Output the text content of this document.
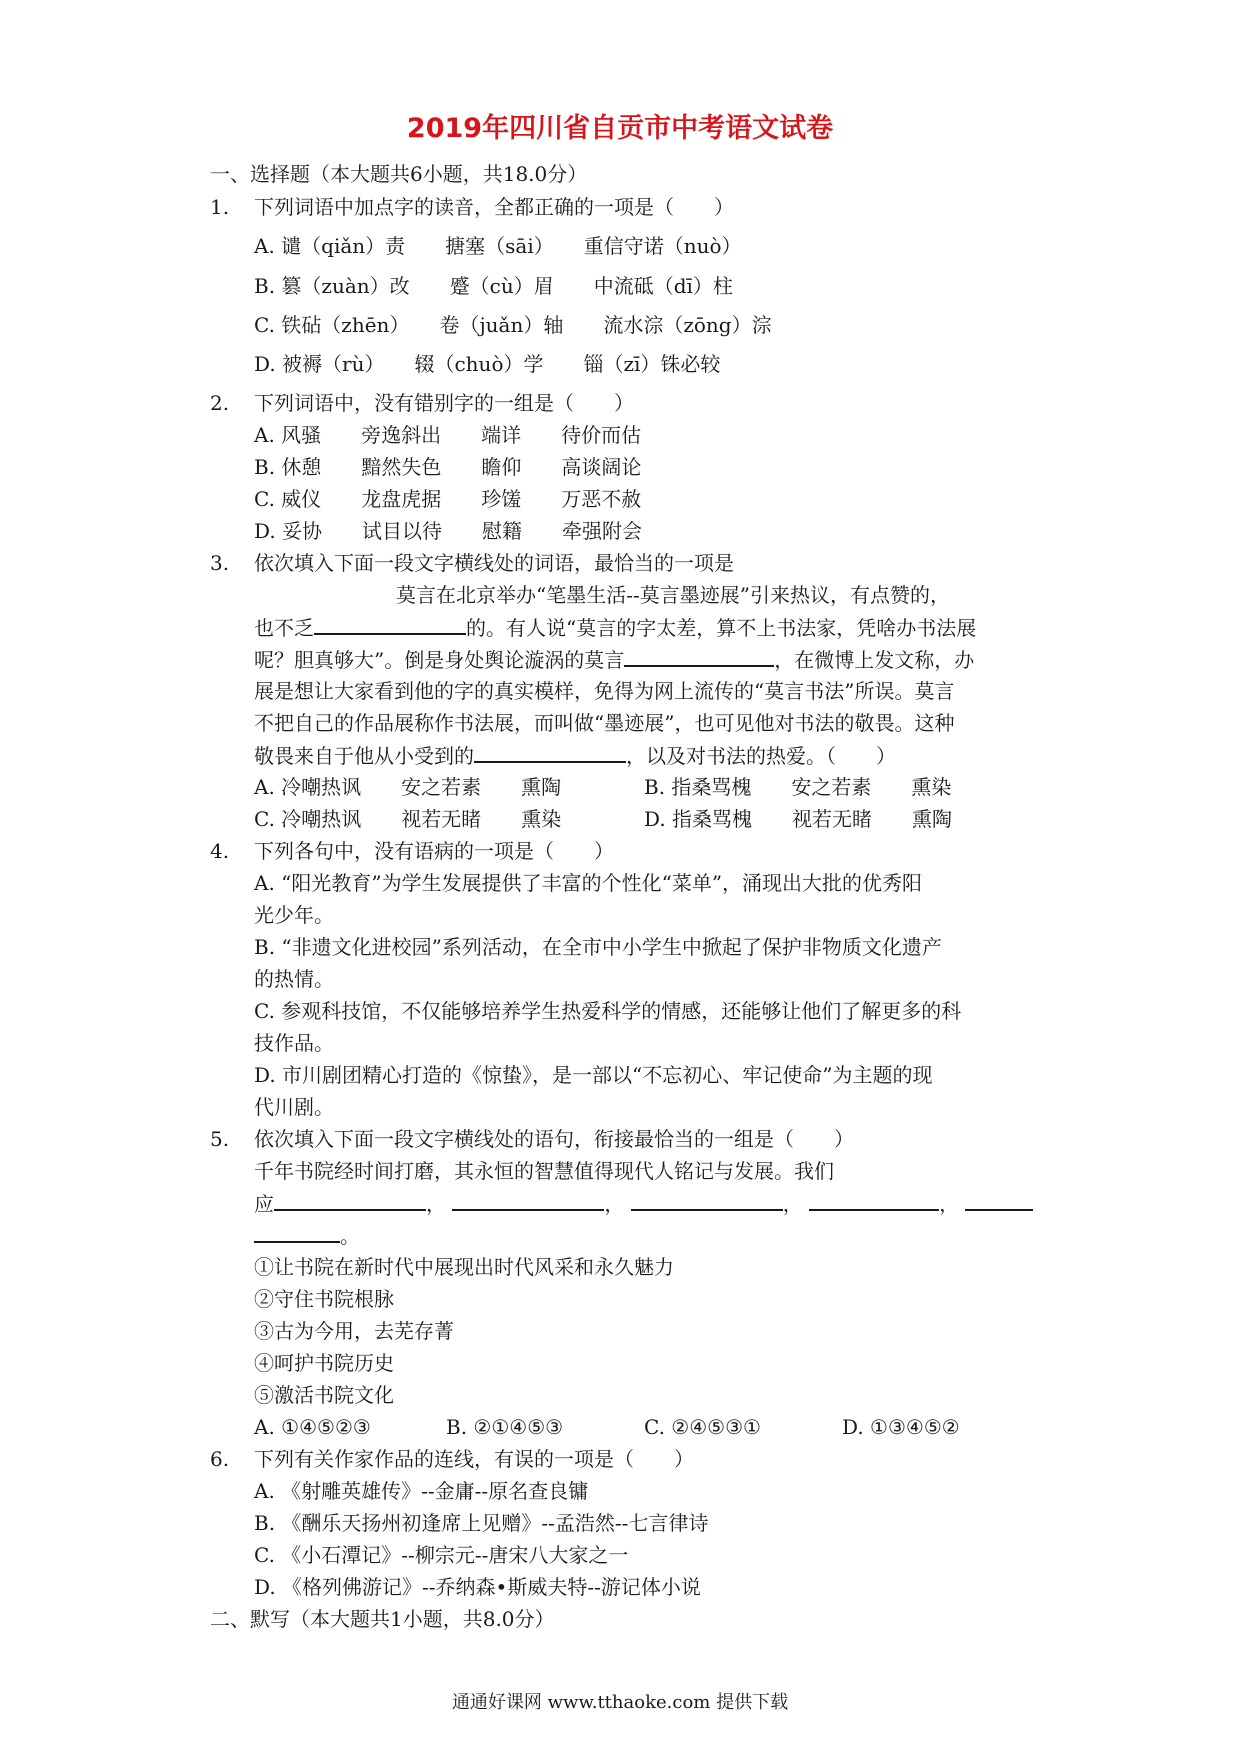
2019年四川省自贡市中考语文试卷
一、选择题（本大题共6小题，共18.0分）
1. 下列词语中加点字的读音，全都正确的一项是（　　）
A. 谴（qiǎn）责　　搪塞（sāi）　　重信守诺（nuò）
B. 篡（zuàn）改　　蹙（cù）眉　　中流砥（dī）柱
C. 铁砧（zhēn）　　卷（juǎn）轴　　流水淙（zōng）淙
D. 被褥（rù）　　辍（chuò）学　　锱（zī）铢必较
2. 下列词语中，没有错别字的一组是（　　）
A. 风骚　　旁逸斜出　　端详　　待价而估
B. 休憩　　黯然失色　　瞻仰　　高谈阔论
C. 威仪　　龙盘虎据　　珍馐　　万恶不赦
D. 妥协　　试目以待　　慰籍　　牵强附会
3. 依次填入下面一段文字横线处的词语，最恰当的一项是
莫言在北京举办“笔墨生活--莫言墨迹展”引来热议，有点赞的，
也不乏	的。有人说“莫言的字太差，算不上书法家，凭啥办书法展
呢？胆真够大”。倒是身处舆论漩涡的莫言	，在微博上发文称，办
展是想让大家看到他的字的真实模样，免得为网上流传的“莫言书法”所误。莫言
不把自己的作品展称作书法展，而叫做“墨迹展”，也可见他对书法的敬畏。这种
敬畏来自于他从小受到的	，以及对书法的热爱。（　　）
A. 冷嘲热讽　　安之若素　　熏陶	B. 指桑骂槐　　安之若素　　熏染
C. 冷嘲热讽　　视若无睹　　熏染	D. 指桑骂槐　　视若无睹　　熏陶
4. 下列各句中，没有语病的一项是（　　）
A. “阳光教育”为学生发展提供了丰富的个性化“菜单”，涌现出大批的优秀阳
光少年。
B. “非遗文化进校园”系列活动，在全市中小学生中掀起了保护非物质文化遗产
的热情。
C. 参观科技馆，不仅能够培养学生热爱科学的情感，还能够让他们了解更多的科
技作品。
D. 市川剧团精心打造的《惊蛰》，是一部以“不忘初心、牢记使命”为主题的现
代川剧。
5. 依次填入下面一段文字横线处的语句，衔接最恰当的一组是（　　）
千年书院经时间打磨，其永恒的智慧值得现代人铭记与发展。我们
应	，	，	，	，
。
①让书院在新时代中展现出时代风采和永久魅力
②守住书院根脉
③古为今用，去芜存菁
④呵护书院历史
⑤激活书院文化
A. ①④⑤②③	B. ②①④⑤③	C. ②④⑤③①	D. ①③④⑤②
6. 下列有关作家作品的连线，有误的一项是（　　）
A. 《射雕英雄传》--金庸--原名查良镛
B. 《酬乐天扬州初逢席上见赠》--孟浩然--七言律诗
C. 《小石潭记》--柳宗元--唐宋八大家之一
D. 《格列佛游记》--乔纳森•斯威夫特--游记体小说
二、默写（本大题共1小题，共8.0分）
通通好课网 www.tthaoke.com 提供下载
